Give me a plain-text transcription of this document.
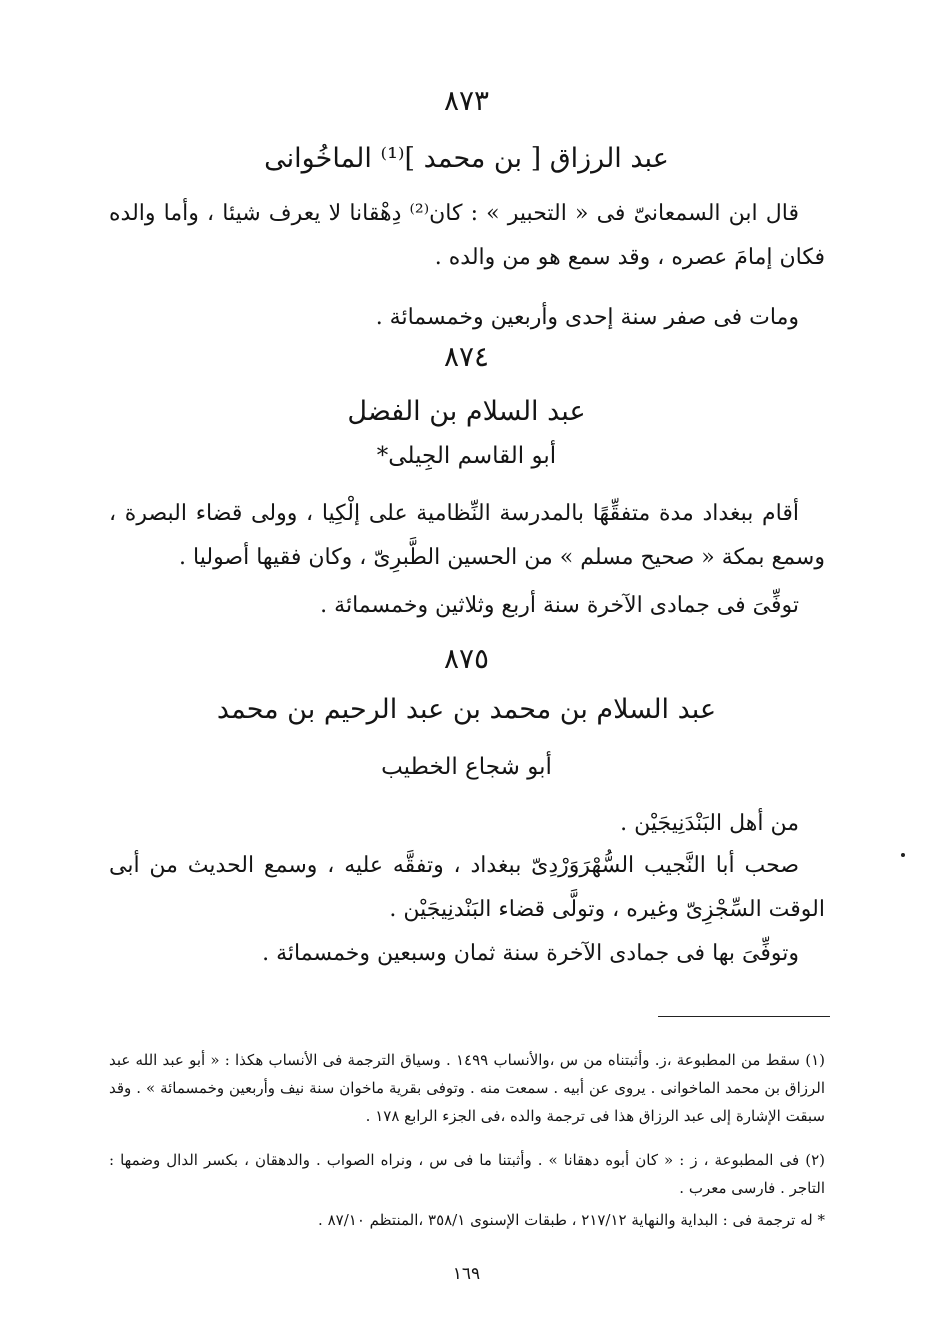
٨٧٣
عبد الرزاق [ بن محمد ]⁽¹⁾ الماخُوانى
قال ابن السمعانىّ فى « التحبير » : كان⁽²⁾ دِهْقانا لا يعرف شيئا ، وأما والده فكان إمامَ عصره ، وقد سمع هو من والده .
ومات فى صفر سنة إحدى وأربعين وخمسمائة .
٨٧٤
عبد السلام بن الفضل
أبو القاسم الجِيلى*
أقام ببغداد مدة متفقِّهًا بالمدرسة النِّظامية على إلْكِيا ، وولى قضاء البصرة ، وسمع بمكة « صحيح مسلم » من الحسين الطَّبرِىّ ، وكان فقيها أصوليا .
توفِّىَ فى جمادى الآخرة سنة أربع وثلاثين وخمسمائة .
٨٧٥
عبد السلام بن محمد بن عبد الرحيم بن محمد
أبو شجاع الخطيب
من أهل البَنْدَنِيجَيْن .
صحب أبا النَّجيب السُّهْرَوَرْدِىّ ببغداد ، وتفقَّه عليه ، وسمع الحديث من أبى الوقت السِّجْزِىّ وغيره ، وتولَّى قضاء البَنْدنِيجَيْن .
وتوفِّىَ بها فى جمادى الآخرة سنة ثمان وسبعين وخمسمائة .
(١) سقط من المطبوعة ،ز. وأثبتناه من س ،والأنساب ١٤٩٩ . وسياق الترجمة فى الأنساب هكذا : « أبو عبد الله عبد الرزاق بن محمد الماخوانى . يروى عن أبيه . سمعت منه . وتوفى بقرية ماخوان سنة نيف وأربعين وخمسمائة » . وقد سبقت الإشارة إلى عبد الرزاق هذا فى ترجمة والده ،فى الجزء الرابع ١٧٨ .
(٢) فى المطبوعة ، ز : « كان أبوه دهقانا » . وأثبتنا ما فى س ، ونراه الصواب . والدهقان ، بكسر الدال وضمها : التاجر . فارسى معرب .
* له ترجمة فى : البداية والنهاية ٢١٧/١٢ ، طبقات الإسنوى ٣٥٨/١ ،المنتظم ٨٧/١٠ .
١٦٩
